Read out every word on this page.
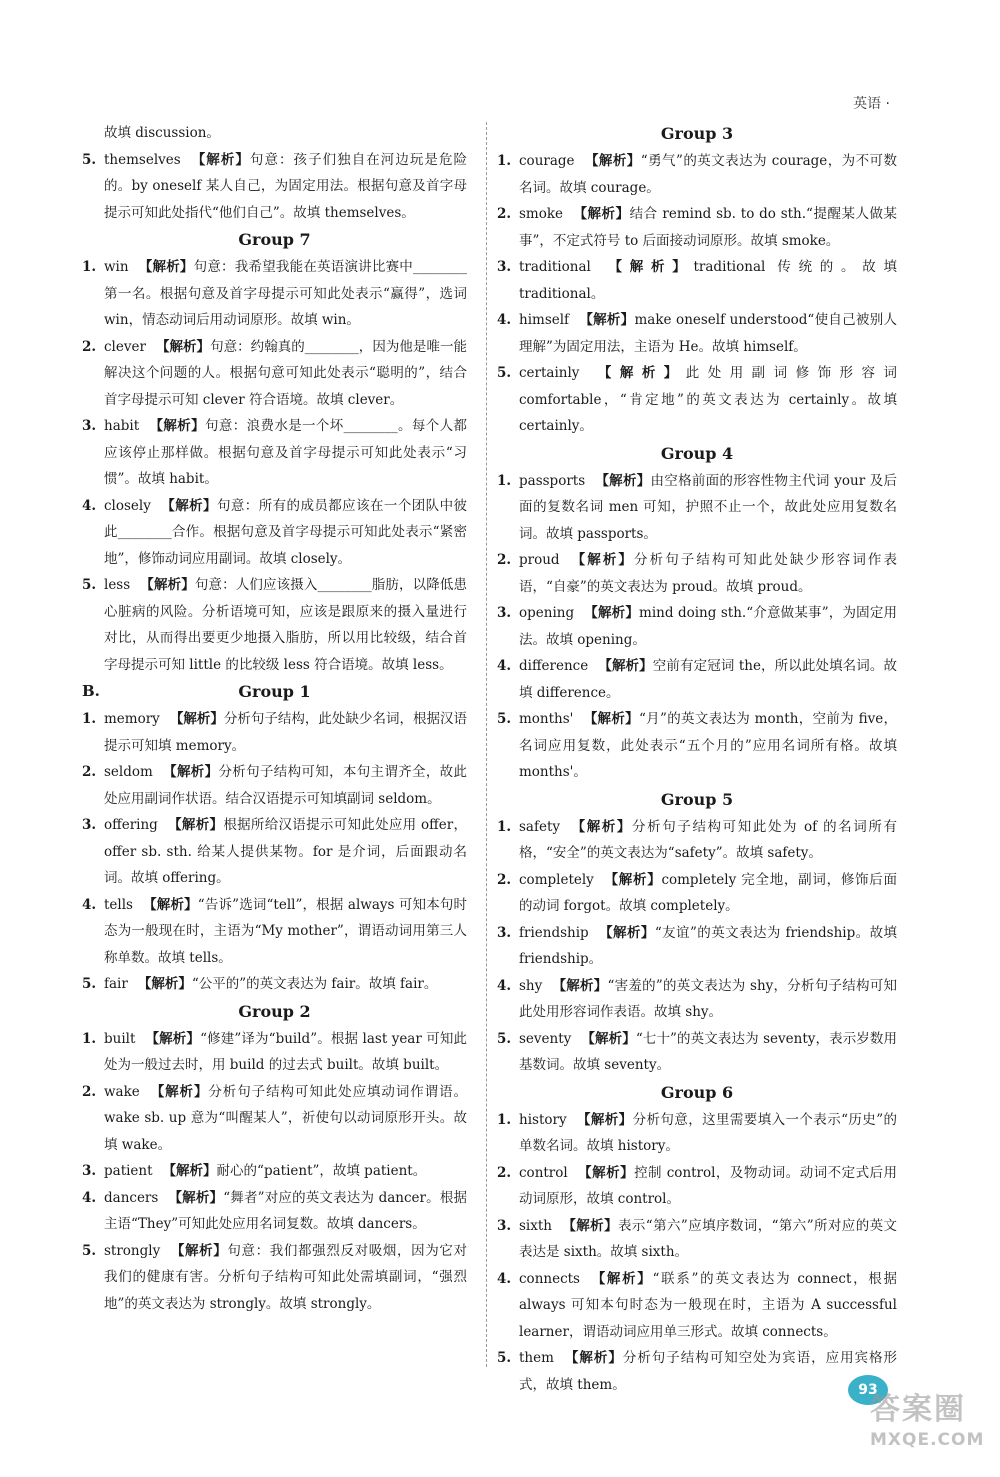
英语 ·
故填 discussion。
5. themselves 【解析】句意：孩子们独自在河边玩是危险的。by oneself 某人自己，为固定用法。根据句意及首字母提示可知此处指代“他们自己”。故填 themselves。
Group 7
1. win 【解析】句意：我希望我能在英语演讲比赛中________第一名。根据句意及首字母提示可知此处表示“赢得”，选词 win，情态动词后用动词原形。故填 win。
2. clever 【解析】句意：约翰真的________，因为他是唯一能解决这个问题的人。根据句意可知此处表示“聪明的”，结合首字母提示可知 clever 符合语境。故填 clever。
3. habit 【解析】句意：浪费水是一个坏________。每个人都应该停止那样做。根据句意及首字母提示可知此处表示“习惯”。故填 habit。
4. closely 【解析】句意：所有的成员都应该在一个团队中彼此________合作。根据句意及首字母提示可知此处表示“紧密地”，修饰动词应用副词。故填 closely。
5. less 【解析】句意：人们应该摄入________脂肪，以降低患心脏病的风险。分析语境可知，应该是跟原来的摄入量进行对比，从而得出要更少地摄入脂肪，所以用比较级，结合首字母提示可知 little 的比较级 less 符合语境。故填 less。
B.	Group 1
1. memory 【解析】分析句子结构，此处缺少名词，根据汉语提示可知填 memory。
2. seldom 【解析】分析句子结构可知，本句主谓齐全，故此处应用副词作状语。结合汉语提示可知填副词 seldom。
3. offering 【解析】根据所给汉语提示可知此处应用 offer，offer sb. sth. 给某人提供某物。for 是介词，后面跟动名词。故填 offering。
4. tells 【解析】“告诉”选词“tell”，根据 always 可知本句时态为一般现在时，主语为“My mother”，谓语动词用第三人称单数。故填 tells。
5. fair 【解析】“公平的”的英文表达为 fair。故填 fair。
Group 2
1. built 【解析】“修建”译为“build”。根据 last year 可知此处为一般过去时，用 build 的过去式 built。故填 built。
2. wake 【解析】分析句子结构可知此处应填动词作谓语。wake sb. up 意为“叫醒某人”，祈使句以动词原形开头。故填 wake。
3. patient 【解析】耐心的“patient”，故填 patient。
4. dancers 【解析】“舞者”对应的英文表达为 dancer。根据主语“They”可知此处应用名词复数。故填 dancers。
5. strongly 【解析】句意：我们都强烈反对吸烟，因为它对我们的健康有害。分析句子结构可知此处需填副词，“强烈地”的英文表达为 strongly。故填 strongly。
Group 3
1. courage 【解析】“勇气”的英文表达为 courage，为不可数名词。故填 courage。
2. smoke 【解析】结合 remind sb. to do sth.“提醒某人做某事”，不定式符号 to 后面接动词原形。故填 smoke。
3. traditional 【解析】traditional 传统的。故填 traditional。
4. himself 【解析】make oneself understood“使自己被别人理解”为固定用法，主语为 He。故填 himself。
5. certainly 【解析】此处用副词修饰形容词 comfortable，“肯定地”的英文表达为 certainly。故填 certainly。
Group 4
1. passports 【解析】由空格前面的形容性物主代词 your 及后面的复数名词 men 可知，护照不止一个，故此处应用复数名词。故填 passports。
2. proud 【解析】分析句子结构可知此处缺少形容词作表语，“自豪”的英文表达为 proud。故填 proud。
3. opening 【解析】mind doing sth.“介意做某事”，为固定用法。故填 opening。
4. difference 【解析】空前有定冠词 the，所以此处填名词。故填 difference。
5. months' 【解析】“月”的英文表达为 month，空前为 five，名词应用复数，此处表示“五个月的”应用名词所有格。故填 months'。
Group 5
1. safety 【解析】分析句子结构可知此处为 of 的名词所有格，“安全”的英文表达为“safety”。故填 safety。
2. completely 【解析】completely 完全地，副词，修饰后面的动词 forgot。故填 completely。
3. friendship 【解析】“友谊”的英文表达为 friendship。故填 friendship。
4. shy 【解析】“害羞的”的英文表达为 shy，分析句子结构可知此处用形容词作表语。故填 shy。
5. seventy 【解析】“七十”的英文表达为 seventy，表示岁数用基数词。故填 seventy。
Group 6
1. history 【解析】分析句意，这里需要填入一个表示“历史”的单数名词。故填 history。
2. control 【解析】控制 control，及物动词。动词不定式后用动词原形，故填 control。
3. sixth 【解析】表示“第六”应填序数词，“第六”所对应的英文表达是 sixth。故填 sixth。
4. connects 【解析】“联系”的英文表达为 connect，根据 always 可知本句时态为一般现在时，主语为 A successful learner，谓语动词应用单三形式。故填 connects。
5. them 【解析】分析句子结构可知空处为宾语，应用宾格形式，故填 them。	93
答案圈
MXQE.COM
